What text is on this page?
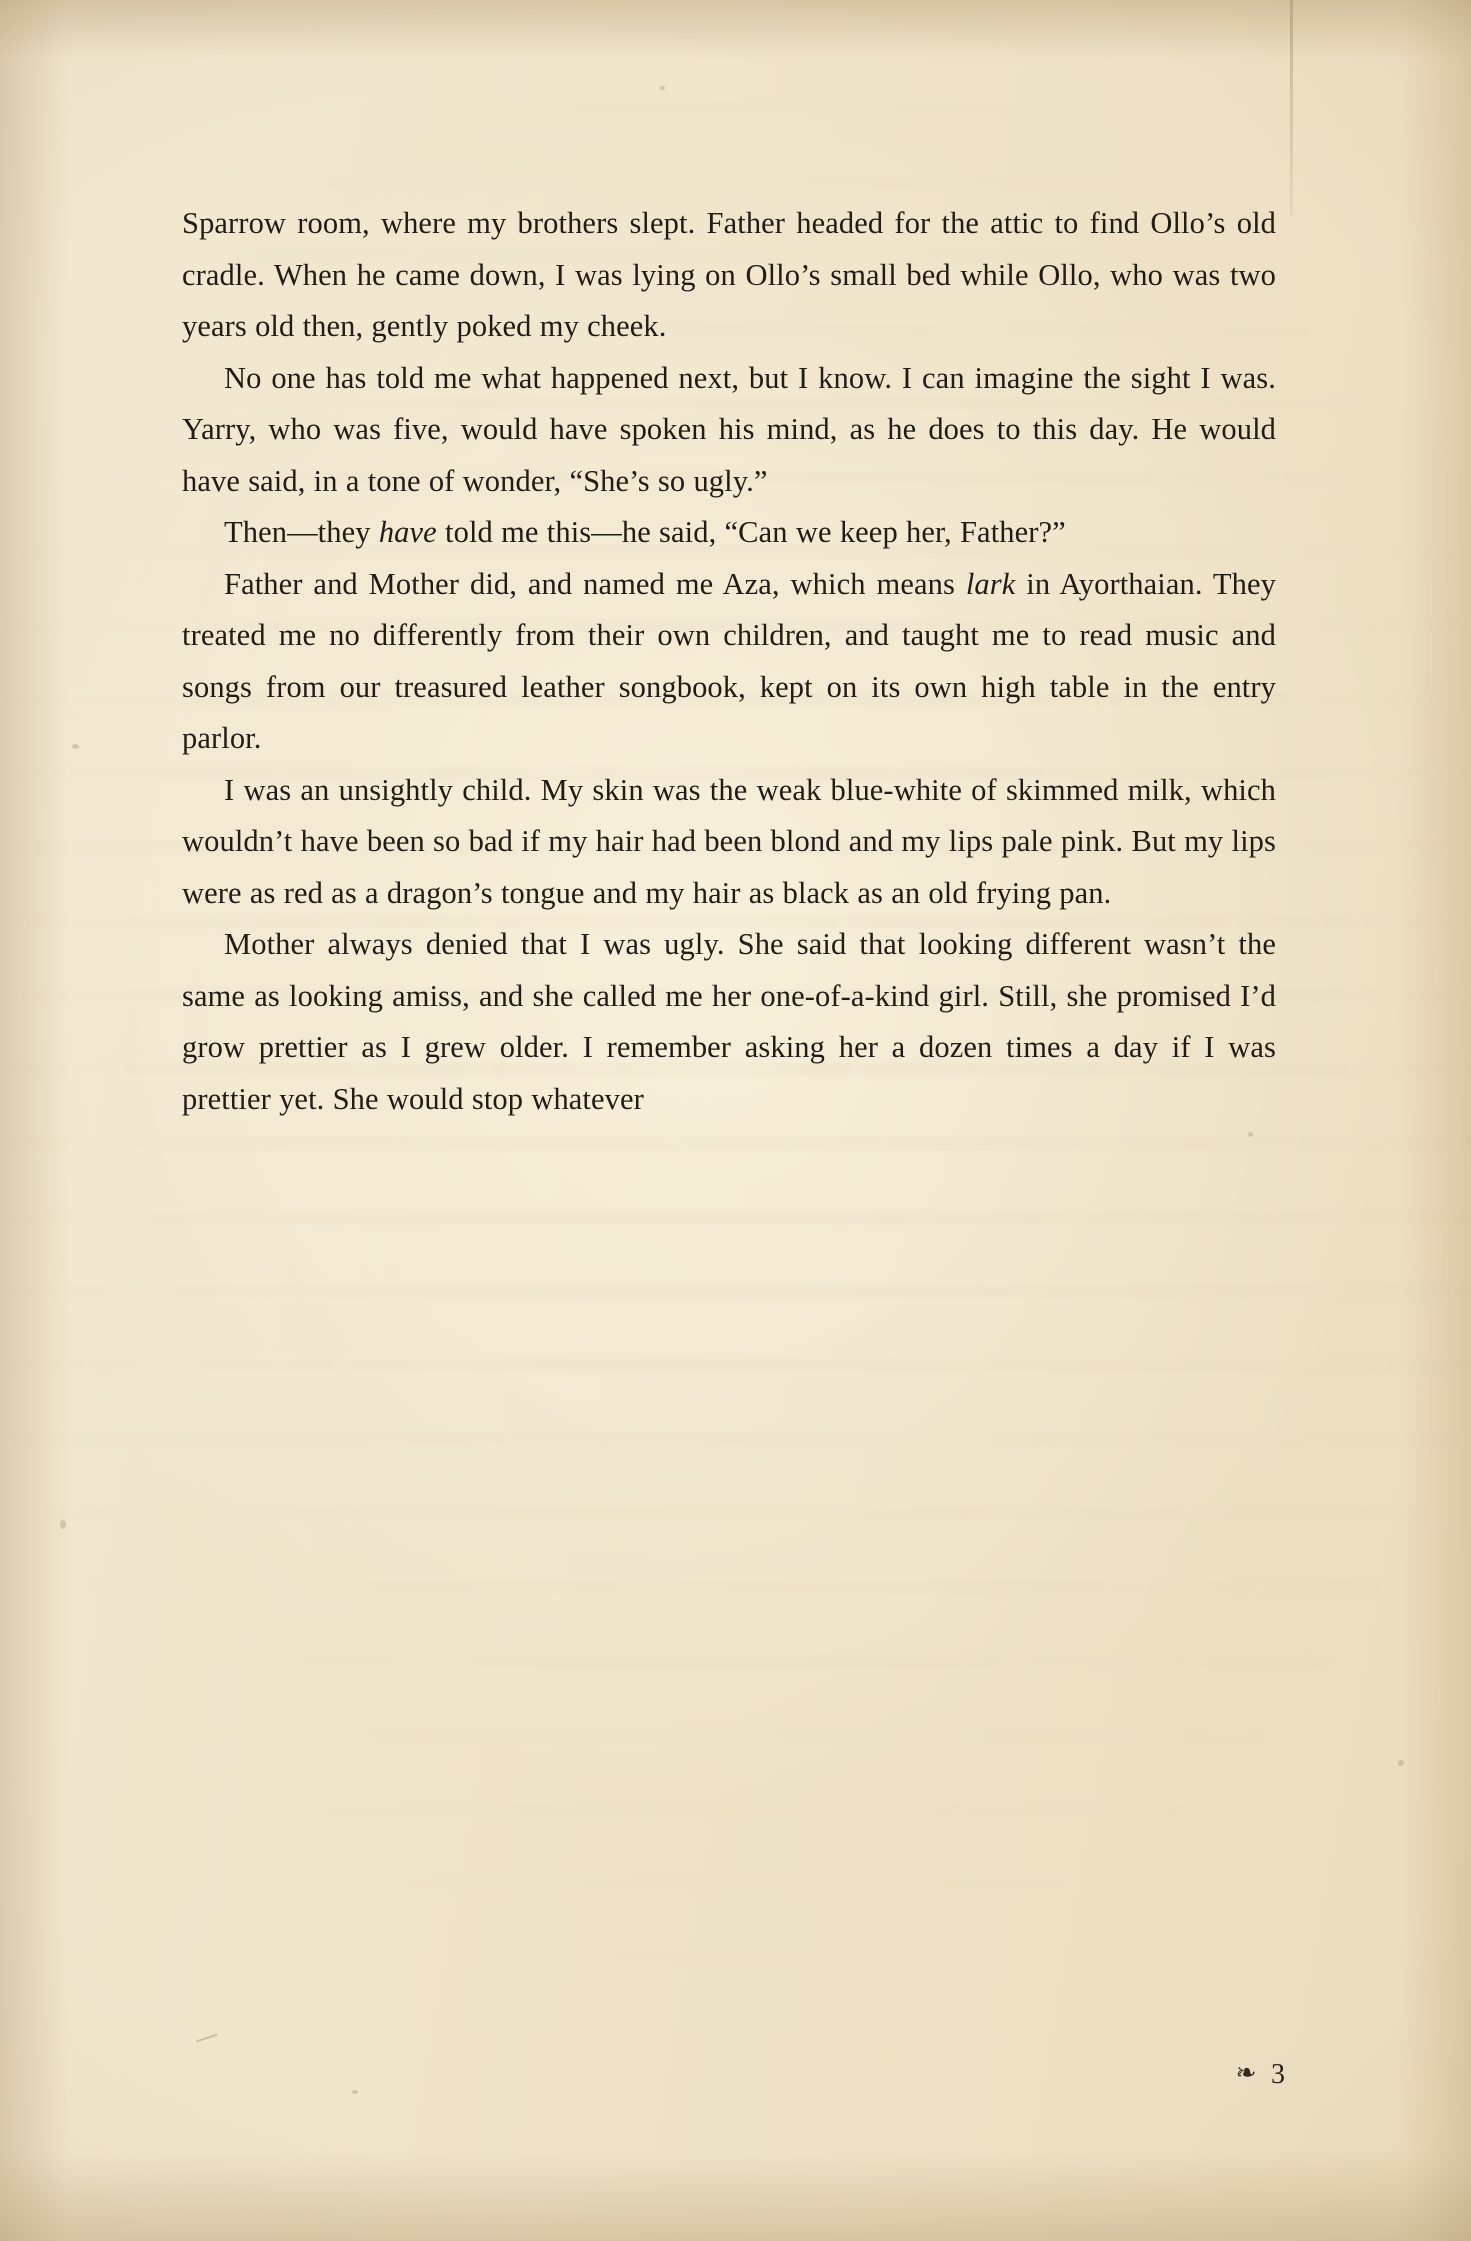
Sparrow room, where my brothers slept. Father headed for the attic to find Ollo’s old cradle. When he came down, I was lying on Ollo’s small bed while Ollo, who was two years old then, gently poked my cheek.

No one has told me what happened next, but I know. I can imagine the sight I was. Yarry, who was five, would have spoken his mind, as he does to this day. He would have said, in a tone of wonder, “She’s so ugly.”

Then—they have told me this—he said, “Can we keep her, Father?”

Father and Mother did, and named me Aza, which means lark in Ayorthaian. They treated me no differently from their own children, and taught me to read music and songs from our treasured leather songbook, kept on its own high table in the entry parlor.

I was an unsightly child. My skin was the weak blue-white of skimmed milk, which wouldn’t have been so bad if my hair had been blond and my lips pale pink. But my lips were as red as a dragon’s tongue and my hair as black as an old frying pan.

Mother always denied that I was ugly. She said that looking different wasn’t the same as looking amiss, and she called me her one-of-a-kind girl. Still, she promised I’d grow prettier as I grew older. I remember asking her a dozen times a day if I was prettier yet. She would stop whatever

❧ 3
